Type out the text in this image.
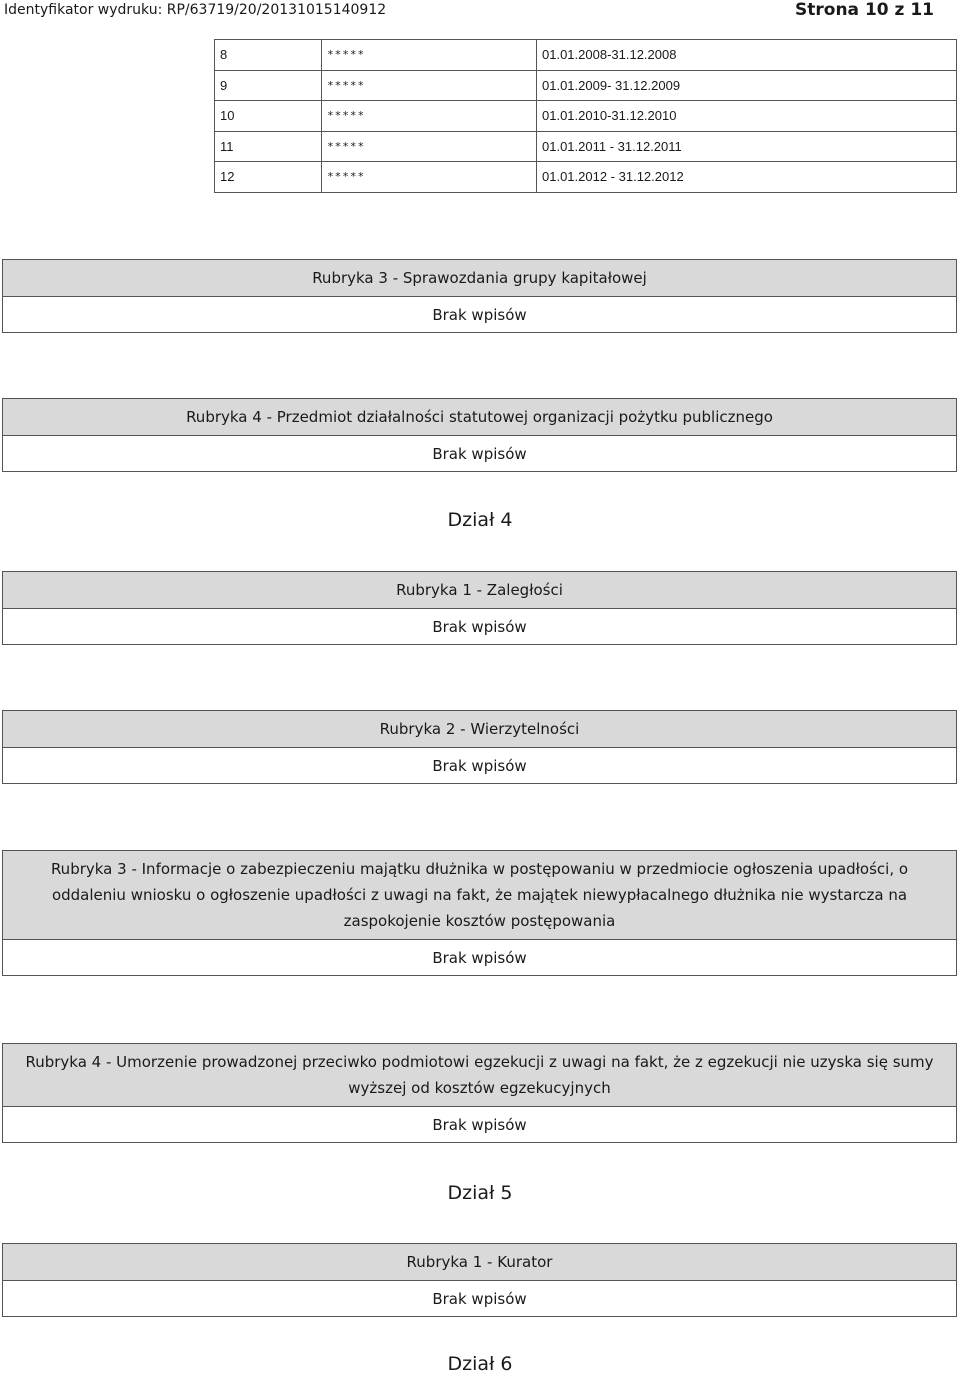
Identyfikator wydruku: RP/63719/20/20131015140912	Strona 10 z 11
8	*****	01.01.2008-31.12.2008
9	*****	01.01.2009- 31.12.2009
10	*****	01.01.2010-31.12.2010
11	*****	01.01.2011 - 31.12.2011
12	*****	01.01.2012 - 31.12.2012
Rubryka 3 - Sprawozdania grupy kapitałowej
Brak wpisów
Rubryka 4 - Przedmiot działalności statutowej organizacji pożytku publicznego
Brak wpisów
Dział 4
Rubryka 1 - Zaległości
Brak wpisów
Rubryka 2 - Wierzytelności
Brak wpisów
Rubryka 3 - Informacje o zabezpieczeniu majątku dłużnika w postępowaniu w przedmiocie ogłoszenia upadłości, o oddaleniu wniosku o ogłoszenie upadłości z uwagi na fakt, że majątek niewypłacalnego dłużnika nie wystarcza na zaspokojenie kosztów postępowania
Brak wpisów
Rubryka 4 - Umorzenie prowadzonej przeciwko podmiotowi egzekucji z uwagi na fakt, że z egzekucji nie uzyska się sumy wyższej od kosztów egzekucyjnych
Brak wpisów
Dział 5
Rubryka 1 - Kurator
Brak wpisów
Dział 6
